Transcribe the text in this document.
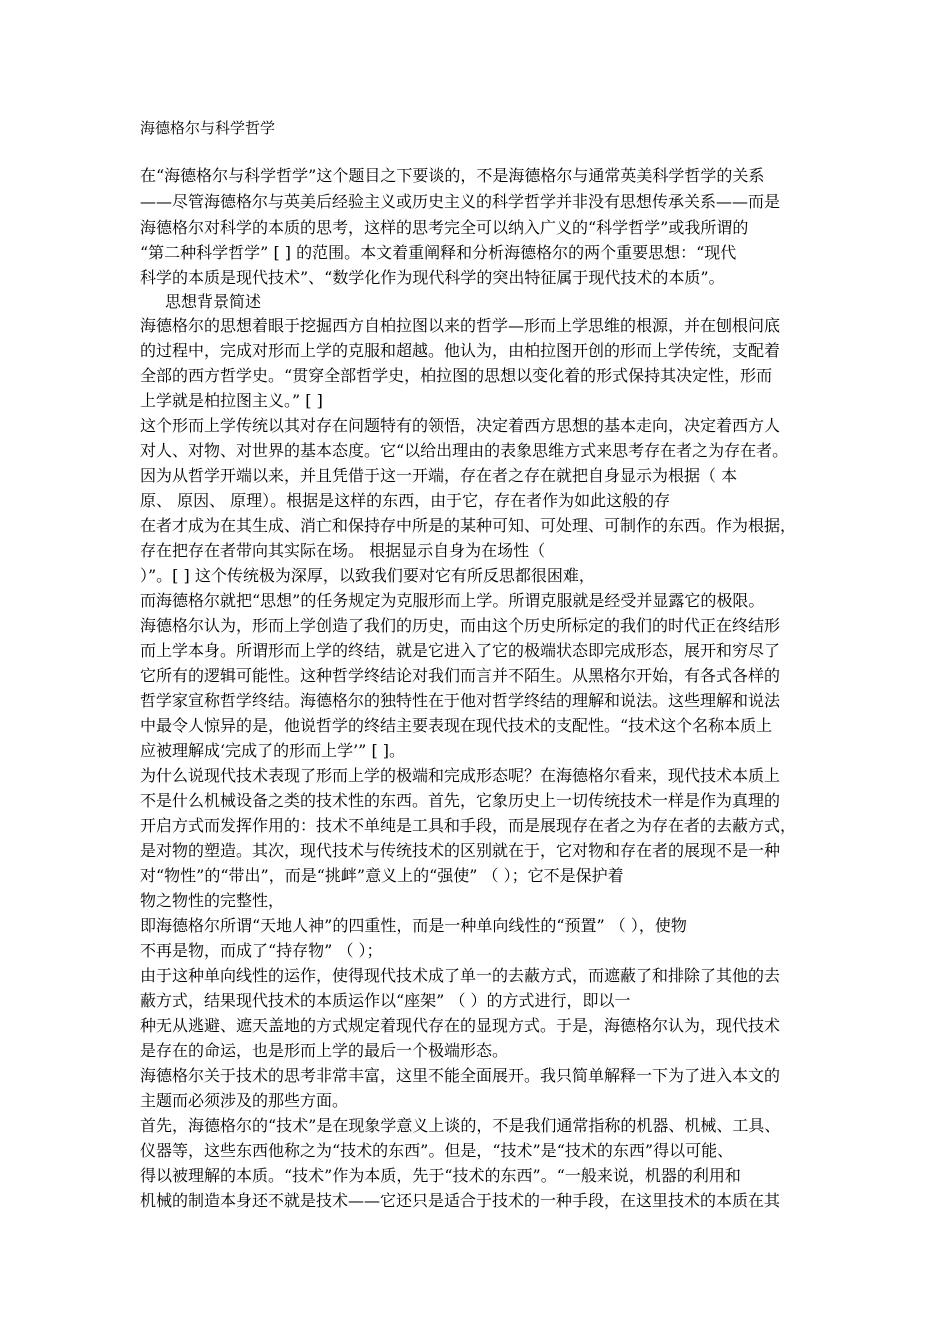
海德格尔与科学哲学
在“海德格尔与科学哲学”这个题目之下要谈的，不是海德格尔与通常英美科学哲学的关系
——尽管海德格尔与英美后经验主义或历史主义的科学哲学并非没有思想传承关系——而是
海德格尔对科学的本质的思考，这样的思考完全可以纳入广义的“科学哲学”或我所谓的
“第二种科学哲学” [ ] 的范围。本文着重阐释和分析海德格尔的两个重要思想：“现代
科学的本质是现代技术”、“数学化作为现代科学的突出特征属于现代技术的本质”。
思想背景简述
海德格尔的思想着眼于挖掘西方自柏拉图以来的哲学—形而上学思维的根源，并在刨根问底
的过程中，完成对形而上学的克服和超越。他认为，由柏拉图开创的形而上学传统，支配着
全部的西方哲学史。“贯穿全部哲学史，柏拉图的思想以变化着的形式保持其决定性，形而
上学就是柏拉图主义。” [ ]
这个形而上学传统以其对存在问题特有的领悟，决定着西方思想的基本走向，决定着西方人
对人、对物、对世界的基本态度。它“以给出理由的表象思维方式来思考存在者之为存在者。
因为从哲学开端以来，并且凭借于这一开端，存在者之存在就把自身显示为根据（ 本
原、 原因、 原理）。根据是这样的东西，由于它，存在者作为如此这般的存
在者才成为在其生成、消亡和保持存中所是的某种可知、可处理、可制作的东西。作为根据，
存在把存在者带向其实际在场。 根据显示自身为在场性（
）”。[ ] 这个传统极为深厚，以致我们要对它有所反思都很困难，
而海德格尔就把“思想”的任务规定为克服形而上学。所谓克服就是经受并显露它的极限。
海德格尔认为，形而上学创造了我们的历史，而由这个历史所标定的我们的时代正在终结形
而上学本身。所谓形而上学的终结，就是它进入了它的极端状态即完成形态，展开和穷尽了
它所有的逻辑可能性。这种哲学终结论对我们而言并不陌生。从黑格尔开始，有各式各样的
哲学家宣称哲学终结。海德格尔的独特性在于他对哲学终结的理解和说法。这些理解和说法
中最令人惊异的是，他说哲学的终结主要表现在现代技术的支配性。“技术这个名称本质上
应被理解成‘完成了的形而上学’” [ ]。
为什么说现代技术表现了形而上学的极端和完成形态呢？在海德格尔看来，现代技术本质上
不是什么机械设备之类的技术性的东西。首先，它象历史上一切传统技术一样是作为真理的
开启方式而发挥作用的：技术不单纯是工具和手段，而是展现存在者之为存在者的去蔽方式，
是对物的塑造。其次，现代技术与传统技术的区别就在于，它对物和存在者的展现不是一种
对“物性”的“带出”，而是“挑衅”意义上的“强使” （ ）；它不是保护着
物之物性的完整性，
即海德格尔所谓“天地人神”的四重性，而是一种单向线性的“预置” （ ），使物
不再是物，而成了“持存物” （ ）；
由于这种单向线性的运作，使得现代技术成了单一的去蔽方式，而遮蔽了和排除了其他的去
蔽方式，结果现代技术的本质运作以“座架” （ ）的方式进行，即以一
种无从逃避、遮天盖地的方式规定着现代存在的显现方式。于是，海德格尔认为，现代技术
是存在的命运，也是形而上学的最后一个极端形态。
海德格尔关于技术的思考非常丰富，这里不能全面展开。我只简单解释一下为了进入本文的
主题而必须涉及的那些方面。
首先，海德格尔的“技术”是在现象学意义上谈的，不是我们通常指称的机器、机械、工具、
仪器等，这些东西他称之为“技术的东西”。但是，“技术”是“技术的东西”得以可能、
得以被理解的本质。“技术”作为本质，先于“技术的东西”。“一般来说，机器的利用和
机械的制造本身还不就是技术——它还只是适合于技术的一种手段，在这里技术的本质在其
